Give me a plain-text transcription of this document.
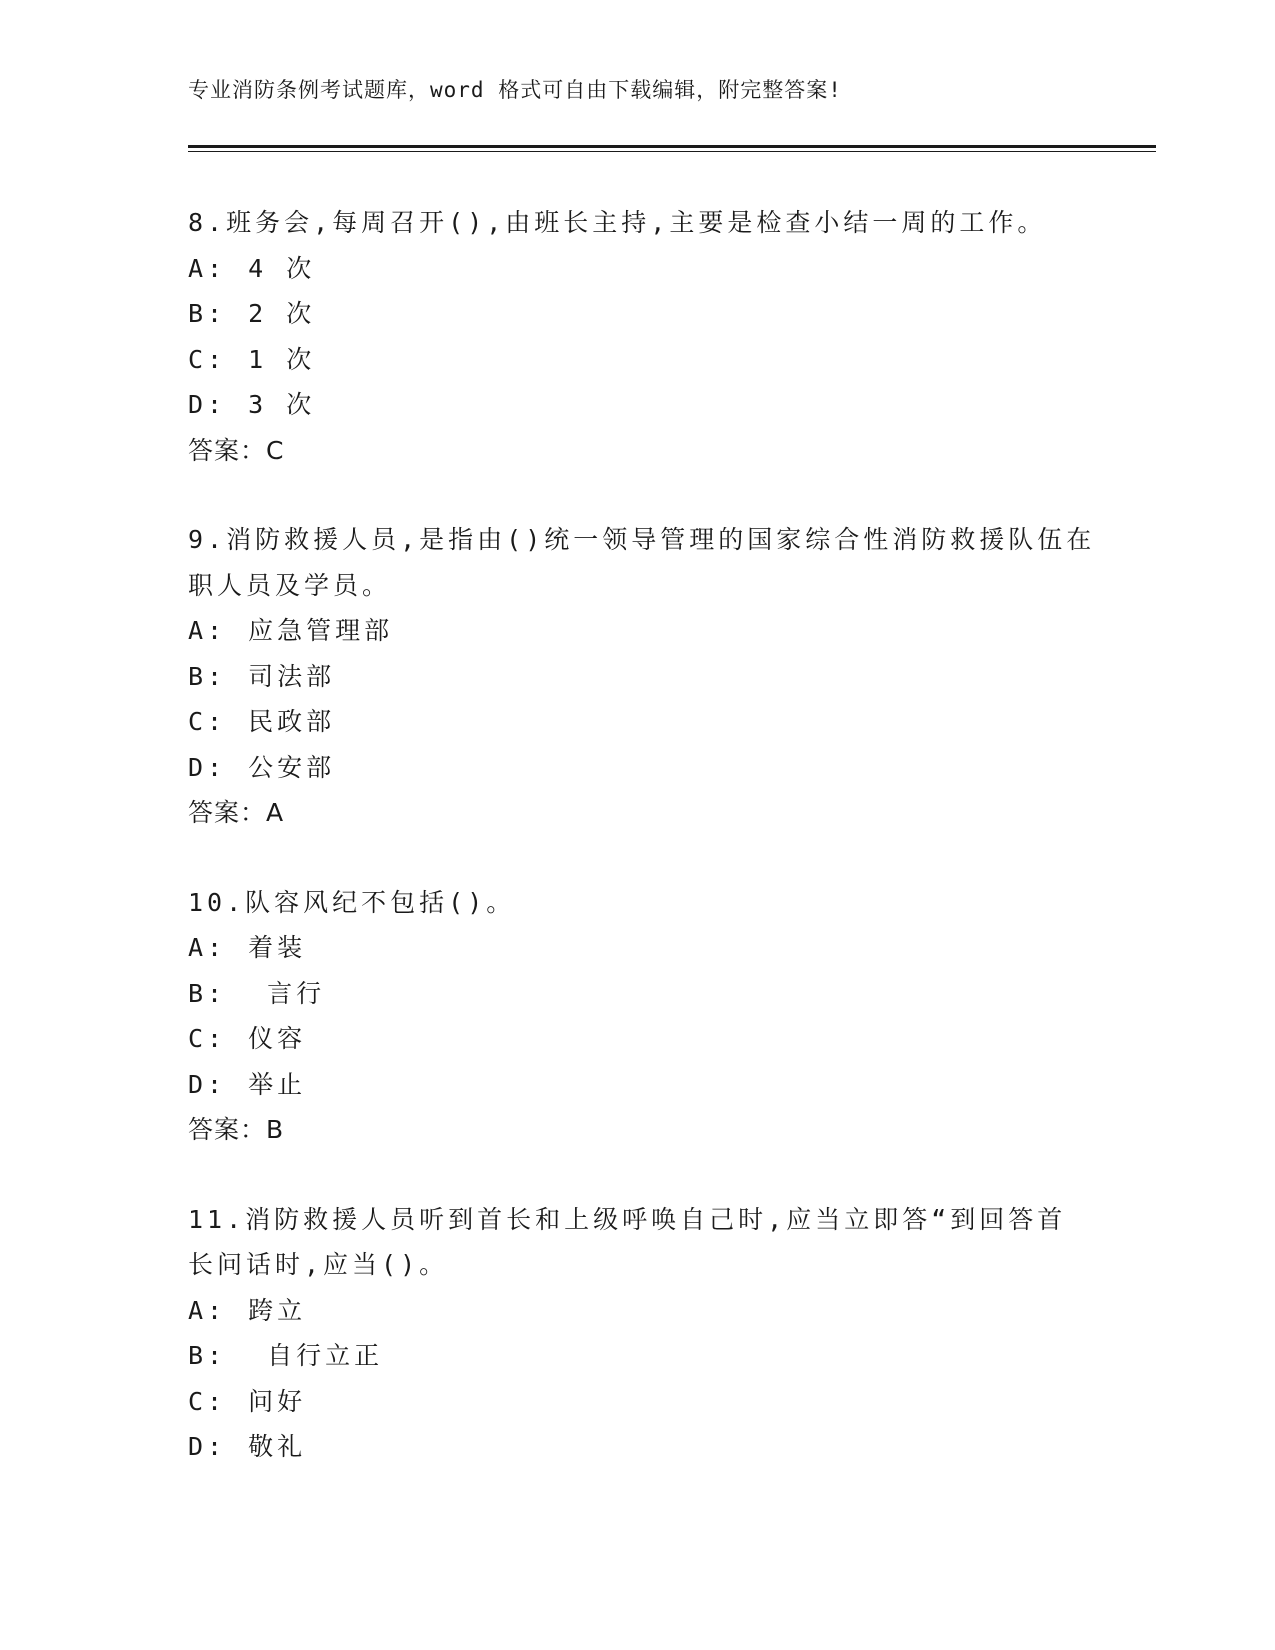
专业消防条例考试题库，word 格式可自由下载编辑，附完整答案!
8.班务会,每周召开(),由班长主持,主要是检查小结一周的工作。
A: 4 次
B: 2 次
C: 1 次
D: 3 次
答案：C
9.消防救援人员,是指由()统一领导管理的国家综合性消防救援队伍在
职人员及学员。
A: 应急管理部
B: 司法部
C: 民政部
D: 公安部
答案：A
10.队容风纪不包括()。
A: 着装
B: 言行
C: 仪容
D: 举止
答案：B
11.消防救援人员听到首长和上级呼唤自己时,应当立即答“到回答首
长问话时,应当()。
A: 跨立
B: 自行立正
C: 问好
D: 敬礼
